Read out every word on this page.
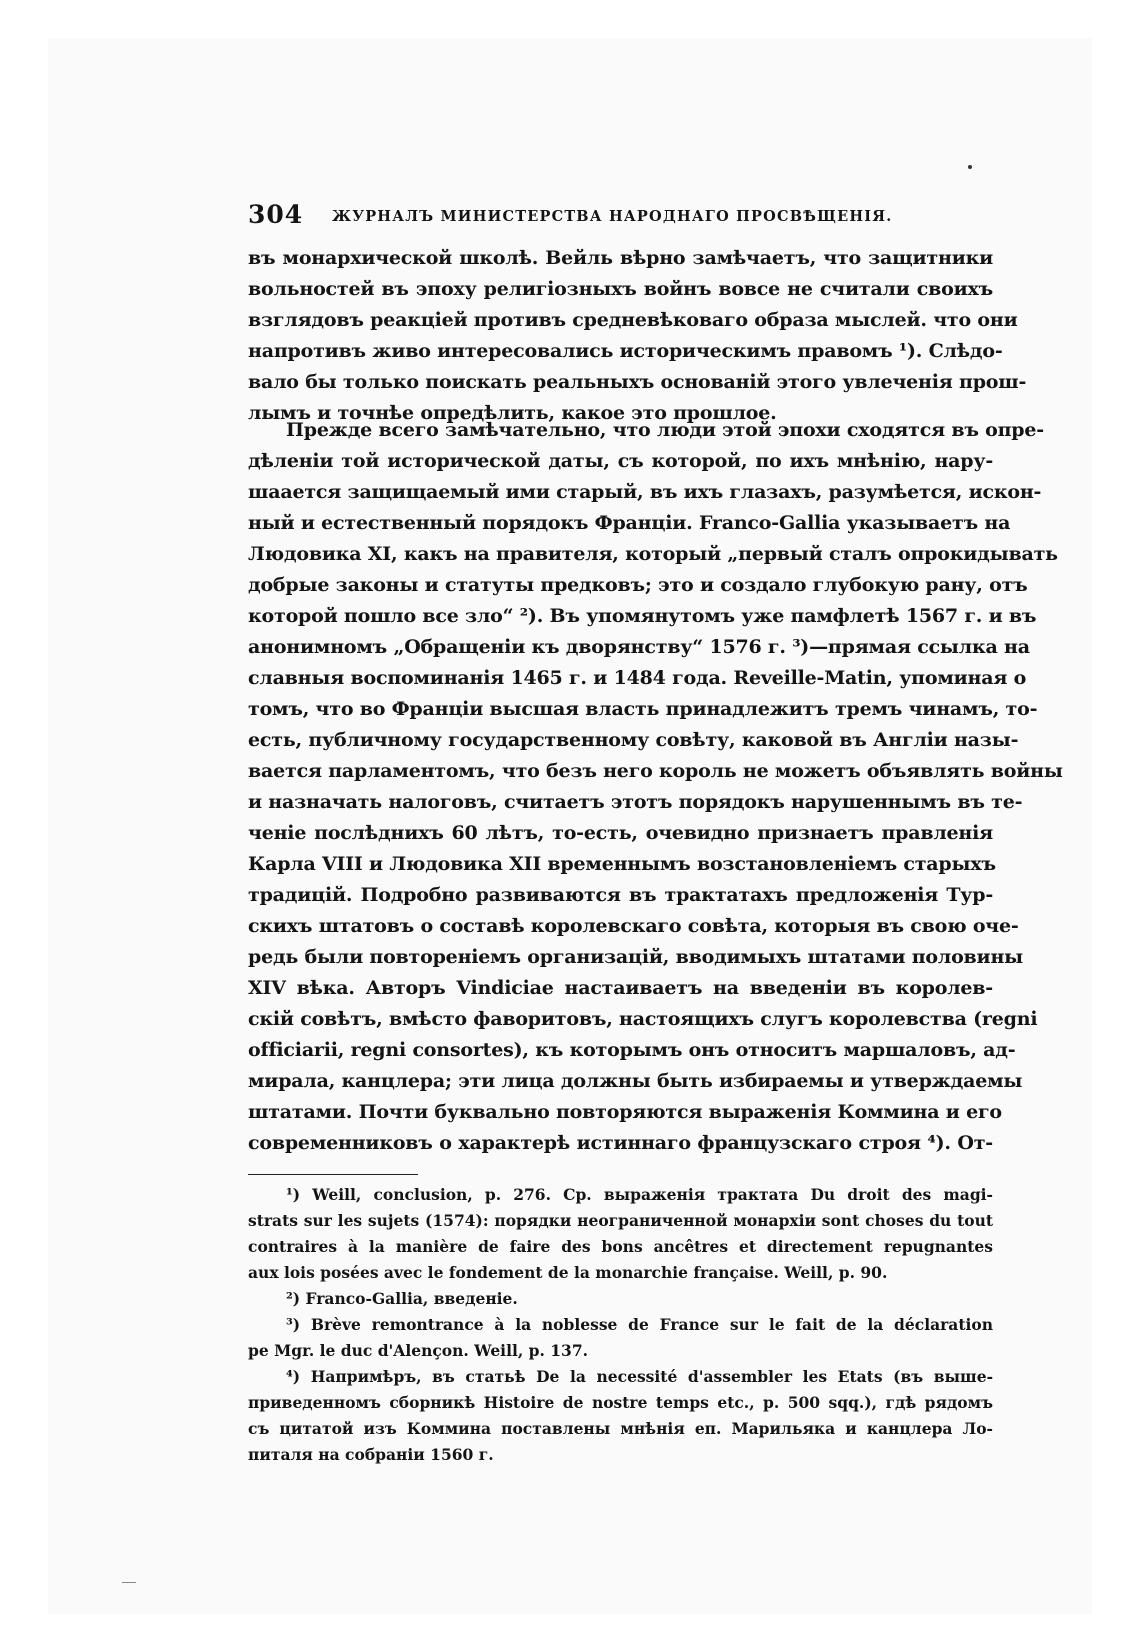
304 ЖУРНАЛЪ МИНИСТЕРСТВА НАРОДНАГО ПРОСВѢЩЕНІЯ.
въ монархической школѣ. Вейль вѣрно замѣчаетъ, что защитники
вольностей въ эпоху религіозныхъ войнъ вовсе не считали своихъ
взглядовъ реакціей противъ средневѣковаго образа мыслей. что они
напротивъ живо интересовались историческимъ правомъ ¹). Слѣдо-
вало бы только поискать реальныхъ основаній этого увлеченія прош-
лымъ и точнѣе опредѣлить, какое это прошлое.
Прежде всего замѣчательно, что люди этой эпохи сходятся въ опре-
дѣленіи той исторической даты, съ которой, по ихъ мнѣнію, нару-
шаается защищаемый ими старый, въ ихъ глазахъ, разумѣется, искон-
ный и естественный порядокъ Франціи. Franco-Gallia указываетъ на
Людовика XI, какъ на правителя, который „первый сталъ опрокидывать
добрые законы и статуты предковъ; это и создало глубокую рану, отъ
которой пошло все зло“ ²). Въ упомянутомъ уже памфлетѣ 1567 г. и въ
анонимномъ „Обращеніи къ дворянству“ 1576 г. ³)—прямая ссылка на
славныя воспоминанія 1465 г. и 1484 года. Reveille-Matin, упоминая о
томъ, что во Франціи высшая власть принадлежитъ тремъ чинамъ, то-
есть, публичному государственному совѣту, каковой въ Англіи назы-
вается парламентомъ, что безъ него король не можетъ объявлять войны
и назначать налоговъ, считаетъ этотъ порядокъ нарушеннымъ въ те-
ченіе послѣднихъ 60 лѣтъ, то-есть, очевидно признаетъ правленія
Карла VIII и Людовика XII временнымъ возстановленіемъ старыхъ
традицій. Подробно развиваются въ трактатахъ предложенія Тур-
скихъ штатовъ о составѣ королевскаго совѣта, которыя въ свою оче-
редь были повтореніемъ организацій, вводимыхъ штатами половины
XIV вѣка. Авторъ Vindiciae настаиваетъ на введеніи въ королев-
скій совѣтъ, вмѣсто фаворитовъ, настоящихъ слугъ королевства (regni
officiarii, regni consortes), къ которымъ онъ относитъ маршаловъ, ад-
мирала, канцлера; эти лица должны быть избираемы и утверждаемы
штатами. Почти буквально повторяются выраженія Коммина и его
современниковъ о характерѣ истиннаго французскаго строя ⁴). От-
¹) Weill, conclusion, p. 276. Ср. выраженія трактата Du droit des magi-
strats sur les sujets (1574): порядки неограниченной монархіи sont choses du tout
contraires à la manière de faire des bons ancêtres et directement repugnantes
aux lois posées avec le fondement de la monarchie française. Weill, p. 90.
²) Franco-Gallia, введеніе.
³) Brève remontrance à la noblesse de France sur le fait de la déclaration
pe Mgr. le duc d'Alençon. Weill, p. 137.
⁴) Напримѣръ, въ статьѣ De la necessité d'assembler les Etats (въ выше-
приведенномъ сборникѣ Histoire de nostre temps etc., p. 500 sqq.), гдѣ рядомъ
съ цитатой изъ Коммина поставлены мнѣнія еп. Марильяка и канцлера Ло-
питаля на собраніи 1560 г.
